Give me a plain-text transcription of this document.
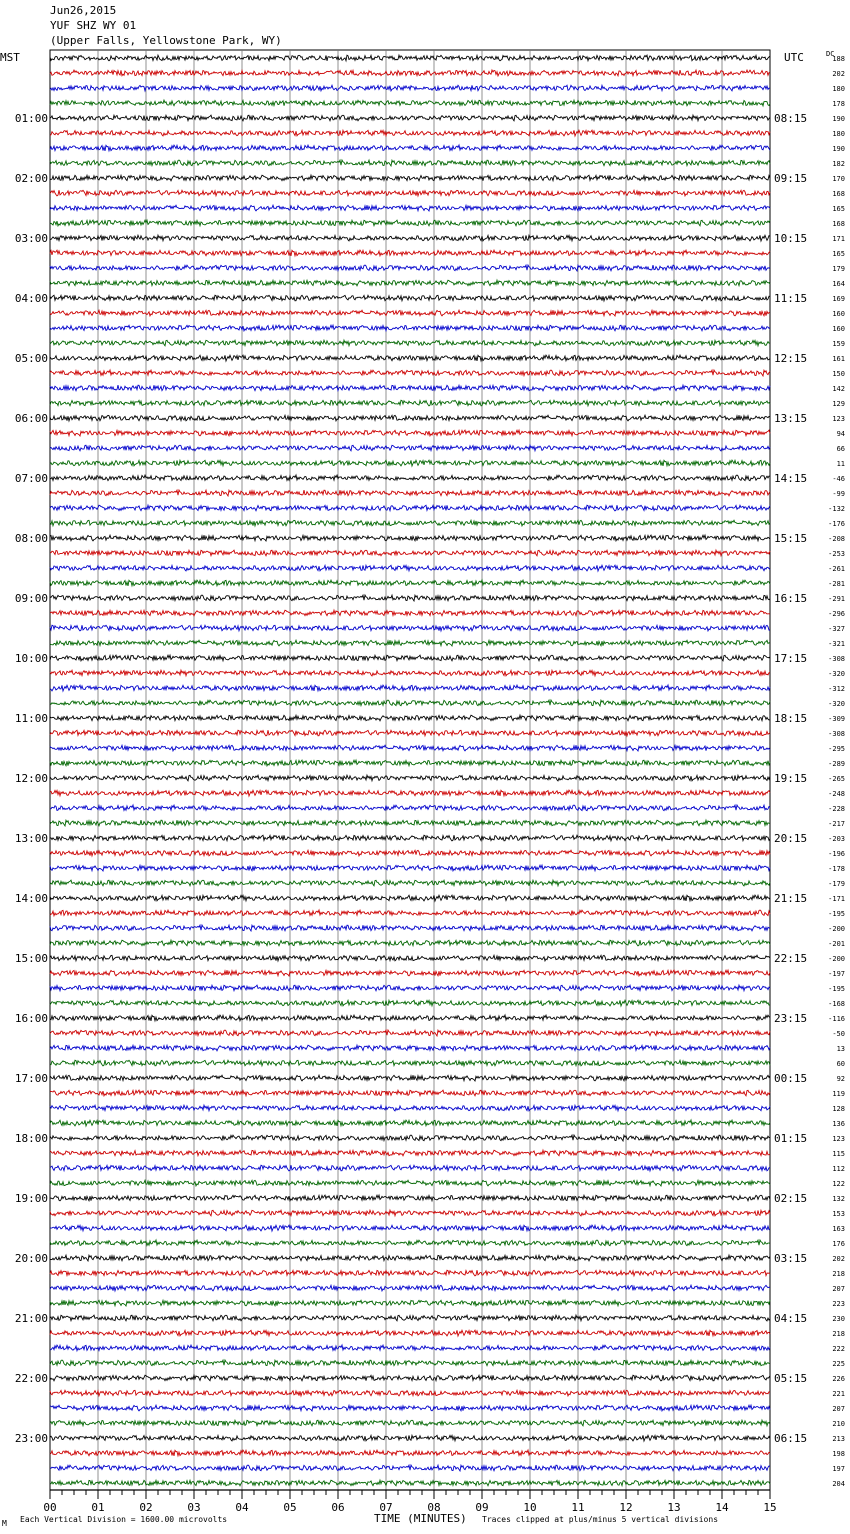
Jun26,2015
YUF SHZ WY 01
(Upper Falls, Yellowstone Park, WY)
MST	UTC	DC
188
202
180
178
190
180
190
182
170
168
165
168
171
165
179
164
169
160
160
159
161
150
142
129
123
94
66
11
-46
-99
-132
-176
-208
-253
-261
-281
-291
-296
-327
-321
-308
-320
-312
-320
-309
-308
-295
-289
-265
-248
-228
-217
-203
-196
-178
-179
-171
-195
-200
-201
-200
-197
-195
-168
-116
-50
13
60
92
119
128
136
123
115
112
122
132
153
163
176
202
218
207
223
230
218
222
225
226
221
207
210
213
198
197
204
01:00
02:00
03:00
04:00
05:00
06:00
07:00
08:00
09:00
10:00
11:00
12:00
13:00
14:00
15:00
16:00
17:00
18:00
19:00
20:00
21:00
22:00
23:00
08:15
09:15
10:15
11:15
12:15
13:15
14:15
15:15
16:15
17:15
18:15
19:15
20:15
21:15
22:15
23:15
00:15
01:15
02:15
03:15
04:15
05:15
06:15
00	01	02	03	04	05	06	07	08	09	10	11	12	13	14	15
M Each Vertical Division = 1600.00 microvolts	TIME (MINUTES) Traces clipped at plus/minus 5 vertical divisions
